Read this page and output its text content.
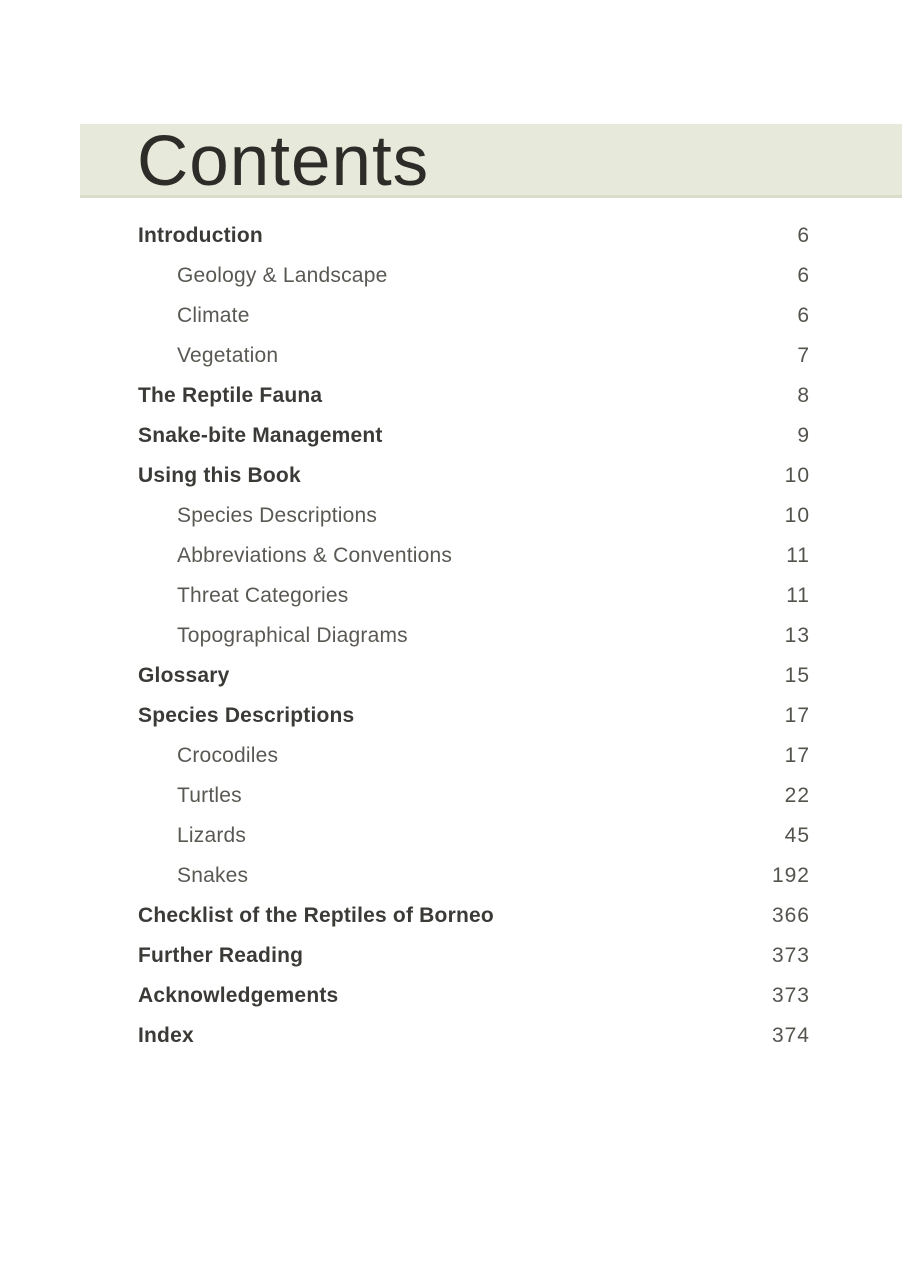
Contents
Introduction	6
Geology & Landscape	6
Climate	6
Vegetation	7
The Reptile Fauna	8
Snake-bite Management	9
Using this Book	10
Species Descriptions	10
Abbreviations & Conventions	11
Threat Categories	11
Topographical Diagrams	13
Glossary	15
Species Descriptions	17
Crocodiles	17
Turtles	22
Lizards	45
Snakes	192
Checklist of the Reptiles of Borneo	366
Further Reading	373
Acknowledgements	373
Index	374
